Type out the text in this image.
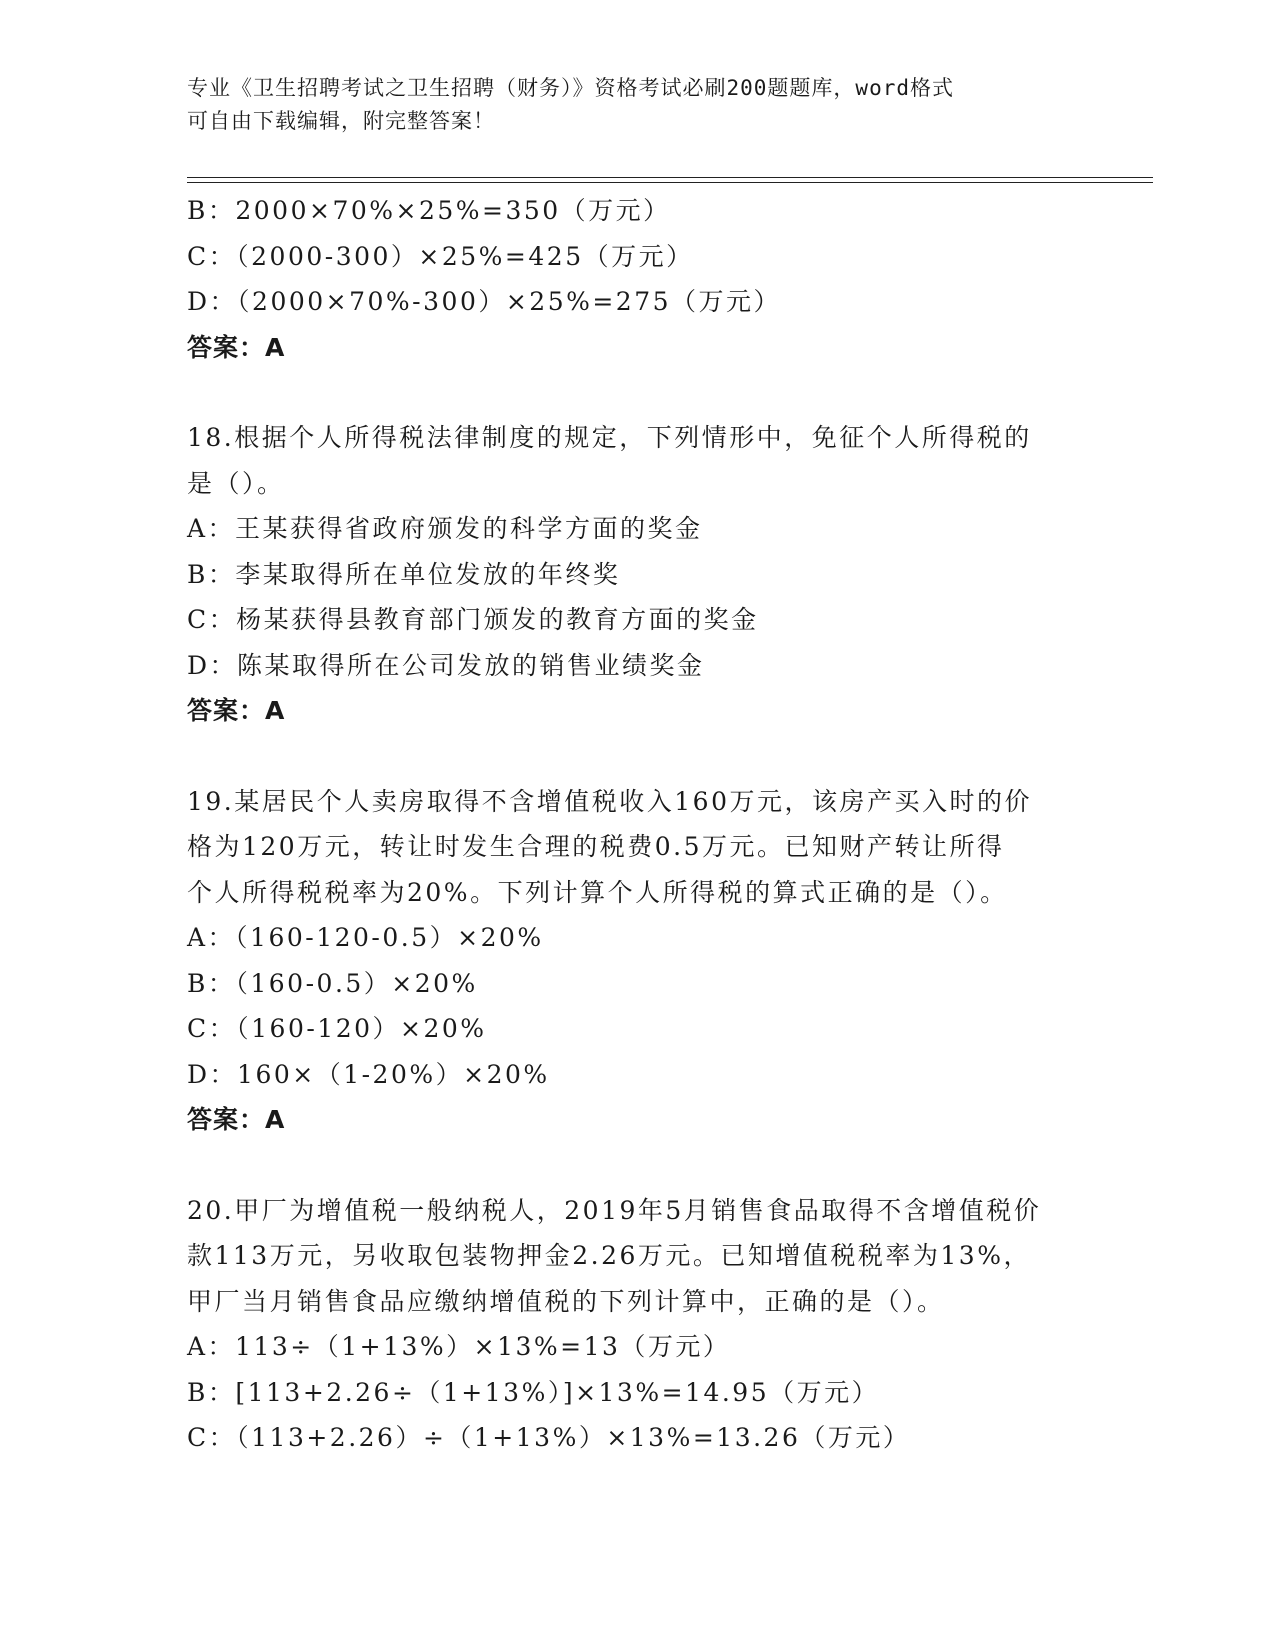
专业《卫生招聘考试之卫生招聘（财务）》资格考试必刷200题题库，word格式
可自由下载编辑，附完整答案！
B：2000×70%×25%=350（万元）
C：（2000-300）×25%=425（万元）
D：（2000×70%-300）×25%=275（万元）
答案：A
18.根据个人所得税法律制度的规定，下列情形中，免征个人所得税的
是（）。
A：王某获得省政府颁发的科学方面的奖金
B：李某取得所在单位发放的年终奖
C：杨某获得县教育部门颁发的教育方面的奖金
D：陈某取得所在公司发放的销售业绩奖金
答案：A
19.某居民个人卖房取得不含增值税收入160万元，该房产买入时的价
格为120万元，转让时发生合理的税费0.5万元。已知财产转让所得
个人所得税税率为20%。下列计算个人所得税的算式正确的是（）。
A：（160-120-0.5）×20%
B：（160-0.5）×20%
C：（160-120）×20%
D：160×（1-20%）×20%
答案：A
20.甲厂为增值税一般纳税人，2019年5月销售食品取得不含增值税价
款113万元，另收取包装物押金2.26万元。已知增值税税率为13%，
甲厂当月销售食品应缴纳增值税的下列计算中，正确的是（）。
A：113÷（1+13%）×13%=13（万元）
B：[113+2.26÷（1+13%）]×13%=14.95（万元）
C：（113+2.26）÷（1+13%）×13%=13.26（万元）
